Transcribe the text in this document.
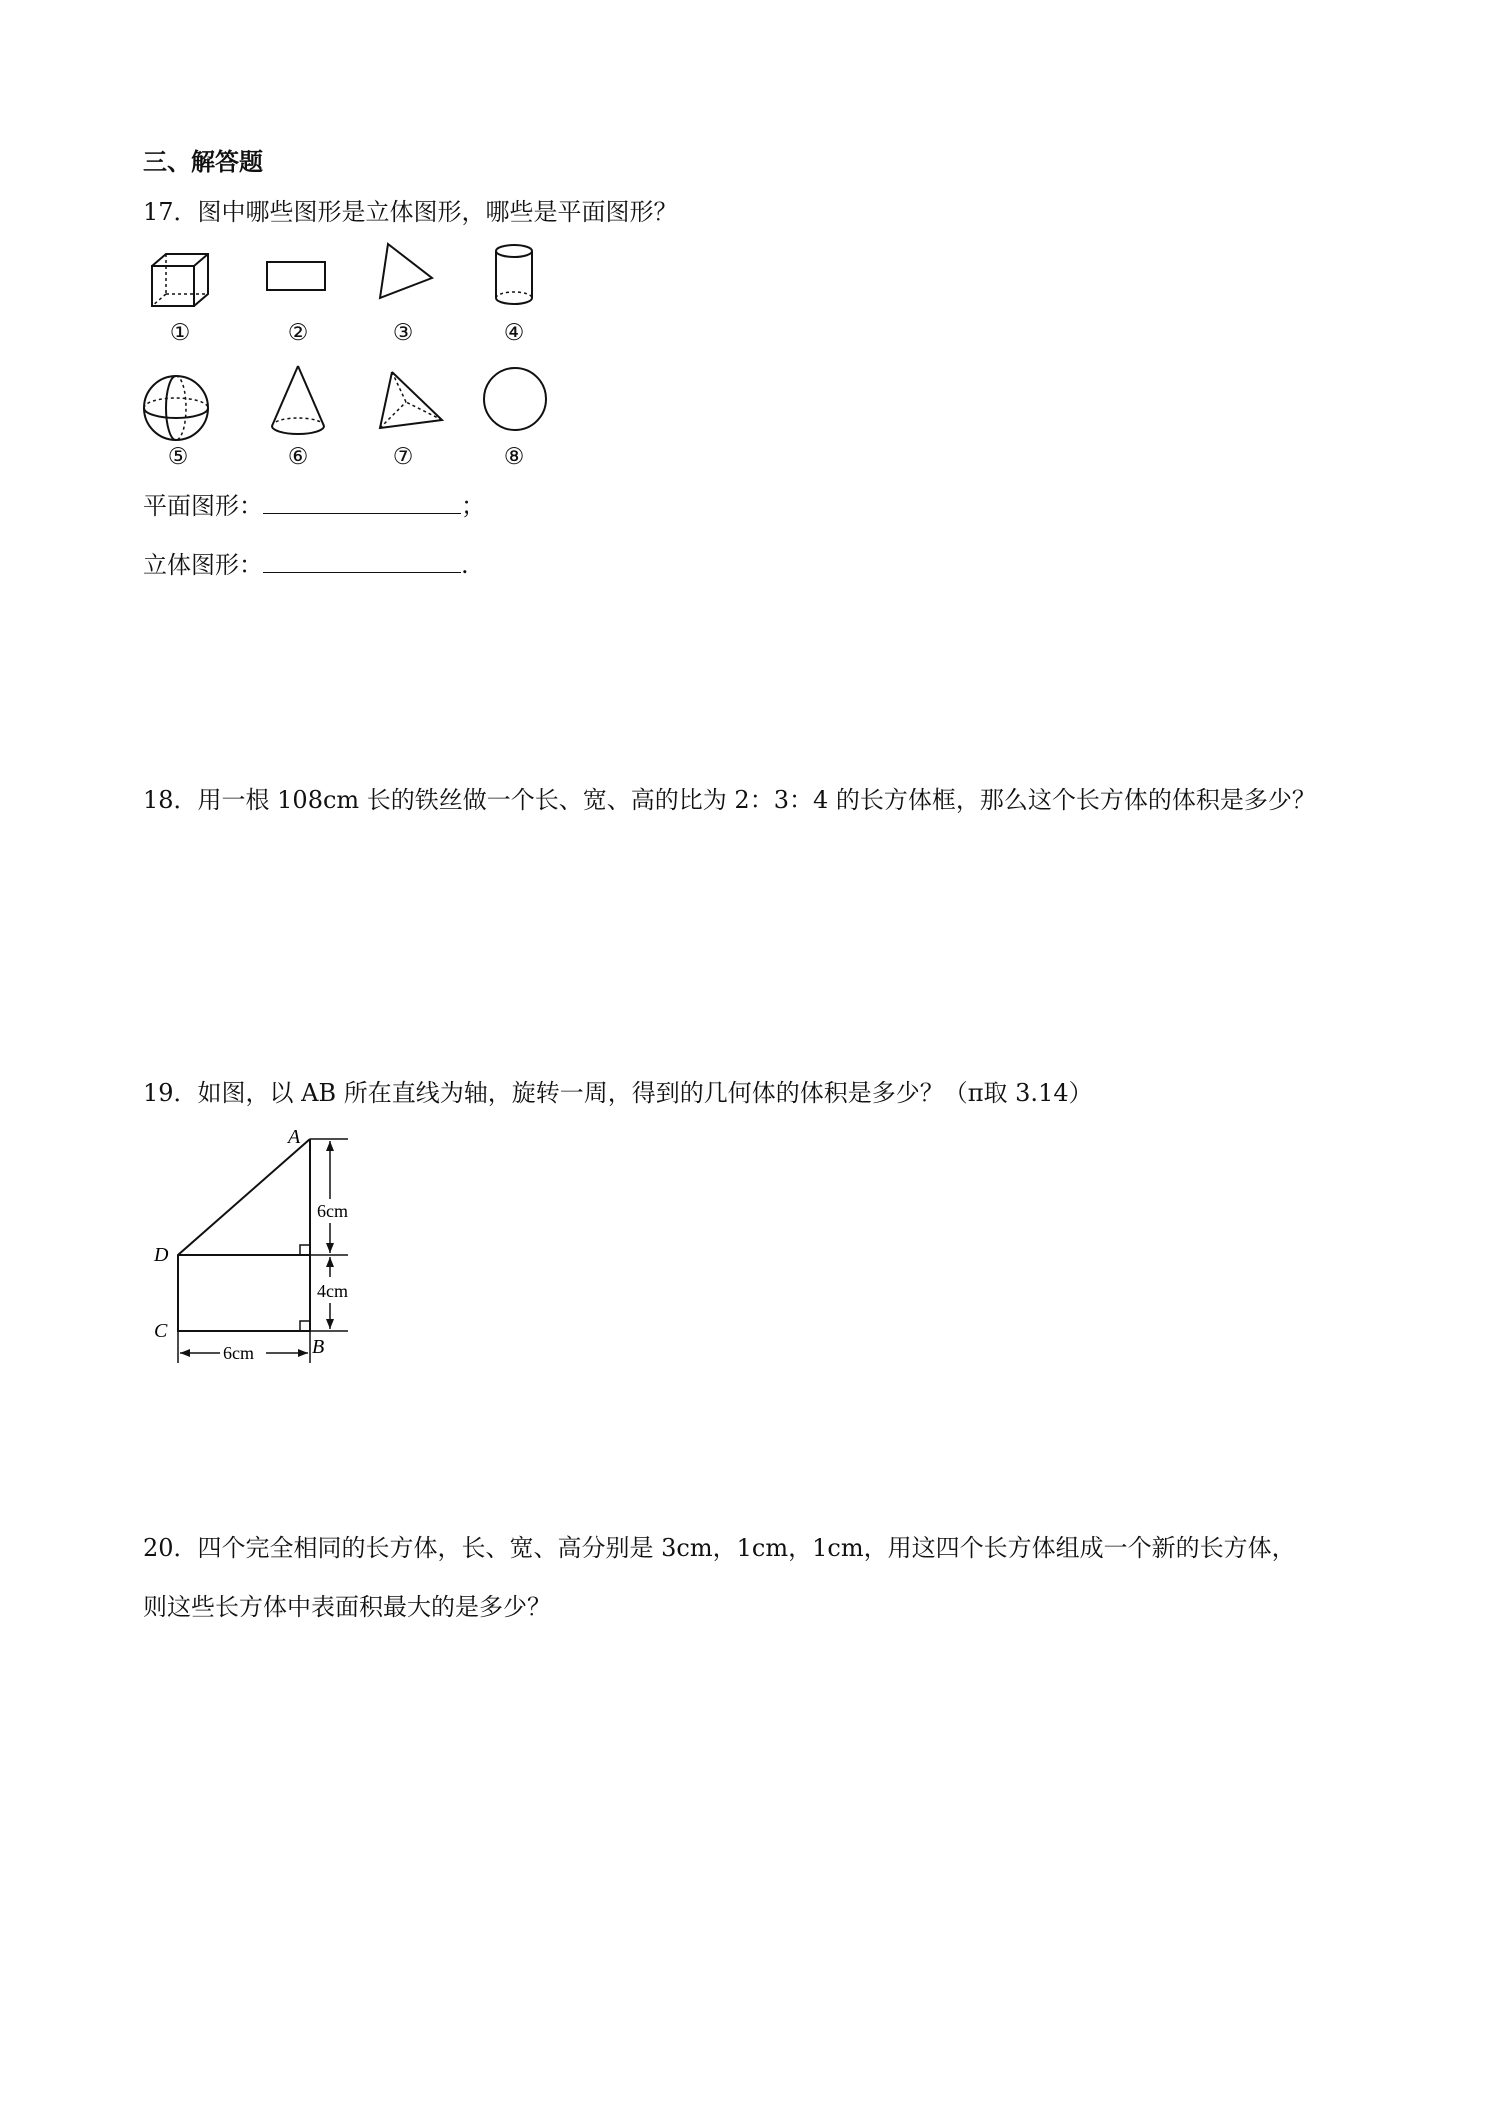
三、解答题
17．图中哪些图形是立体图形，哪些是平面图形？
①	②	③	④
⑤	⑥	⑦	⑧
平面图形：	；
立体图形：	.
18．用一根 108cm 长的铁丝做一个长、宽、高的比为 2：3：4 的长方体框，那么这个长方体的体积是多少？
19．如图，以 AB 所在直线为轴，旋转一周，得到的几何体的体积是多少？（π取 3.14）
A
D
C
B
6cm
4cm
6cm
20．四个完全相同的长方体，长、宽、高分别是 3cm，1cm，1cm，用这四个长方体组成一个新的长方体，
则这些长方体中表面积最大的是多少？
